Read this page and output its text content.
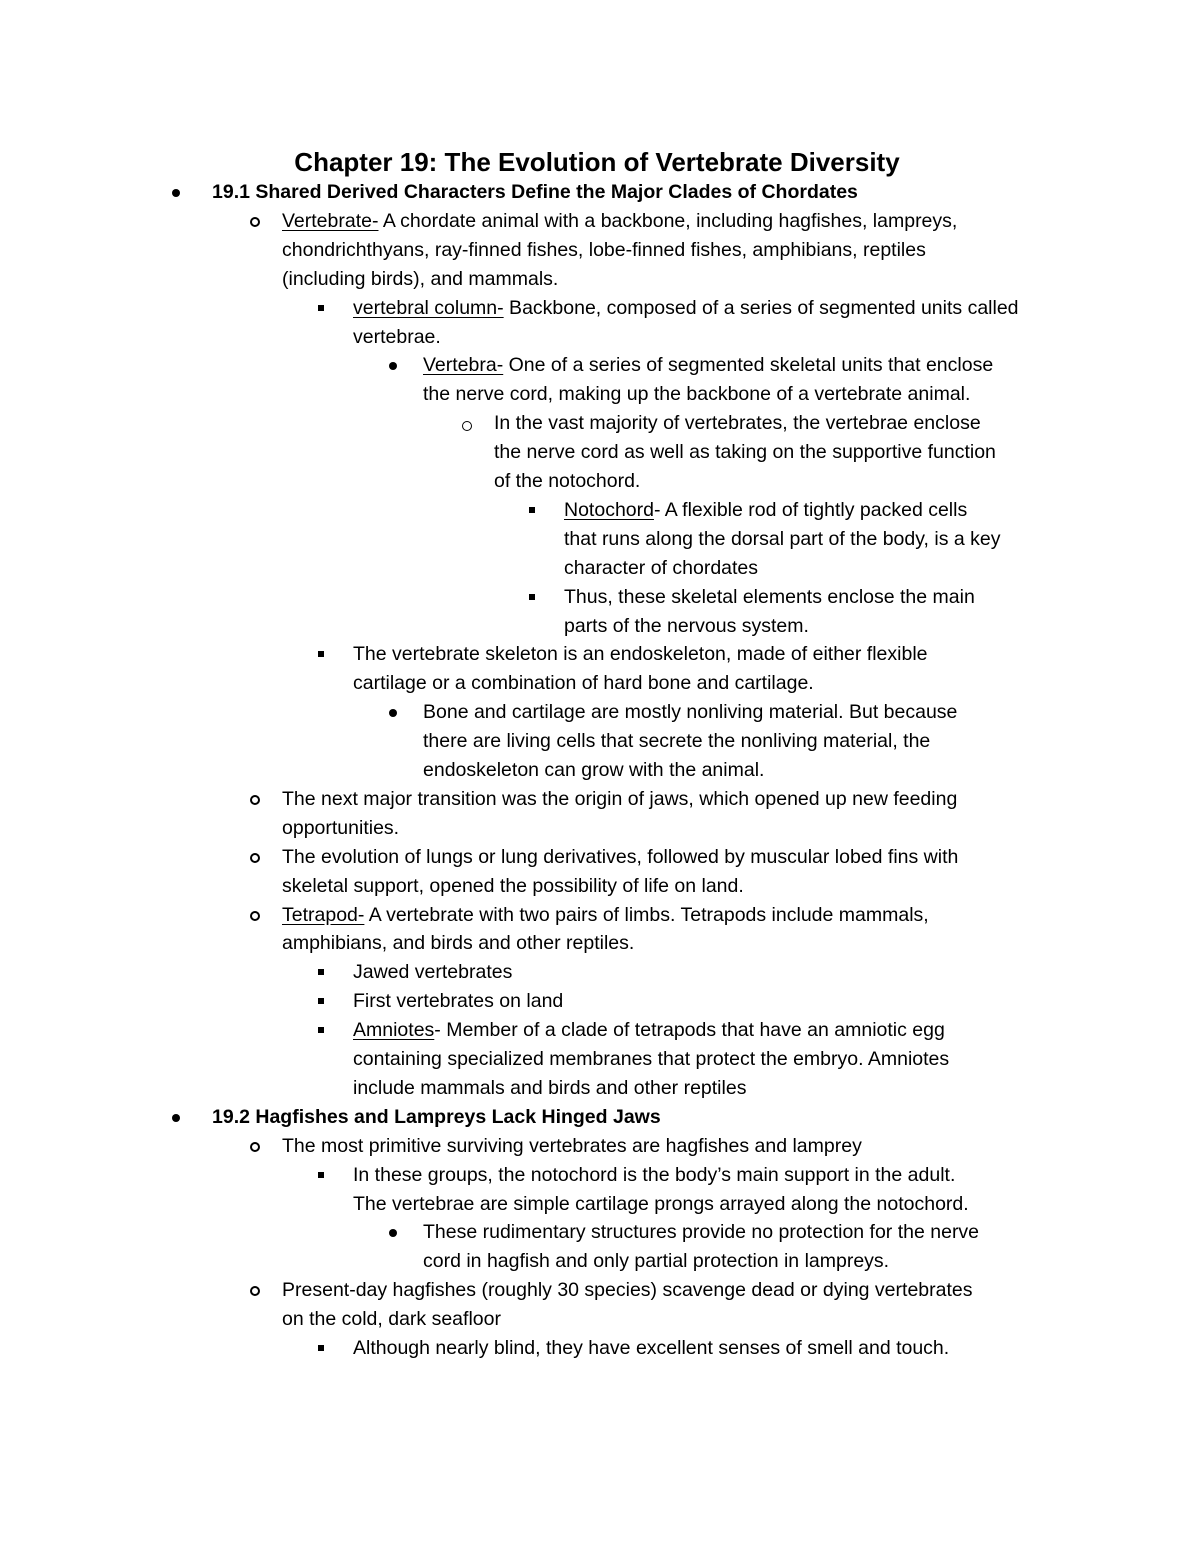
Chapter 19: The Evolution of Vertebrate Diversity
19.1 Shared Derived Characters Define the Major Clades of Chordates
Vertebrate- A chordate animal with a backbone, including hagfishes, lampreys,
chondrichthyans, ray-finned fishes, lobe-finned fishes, amphibians, reptiles
(including birds), and mammals.
vertebral column- Backbone, composed of a series of segmented units called
vertebrae.
Vertebra- One of a series of segmented skeletal units that enclose
the nerve cord, making up the backbone of a vertebrate animal.
In the vast majority of vertebrates, the vertebrae enclose
the nerve cord as well as taking on the supportive function
of the notochord.
Notochord- A flexible rod of tightly packed cells
that runs along the dorsal part of the body, is a key
character of chordates
Thus, these skeletal elements enclose the main
parts of the nervous system.
The vertebrate skeleton is an endoskeleton, made of either flexible
cartilage or a combination of hard bone and cartilage.
Bone and cartilage are mostly nonliving material. But because
there are living cells that secrete the nonliving material, the
endoskeleton can grow with the animal.
The next major transition was the origin of jaws, which opened up new feeding
opportunities.
The evolution of lungs or lung derivatives, followed by muscular lobed fins with
skeletal support, opened the possibility of life on land.
Tetrapod- A vertebrate with two pairs of limbs. Tetrapods include mammals,
amphibians, and birds and other reptiles.
Jawed vertebrates
First vertebrates on land
Amniotes- Member of a clade of tetrapods that have an amniotic egg
containing specialized membranes that protect the embryo. Amniotes
include mammals and birds and other reptiles
19.2 Hagfishes and Lampreys Lack Hinged Jaws
The most primitive surviving vertebrates are hagfishes and lamprey
In these groups, the notochord is the body’s main support in the adult.
The vertebrae are simple cartilage prongs arrayed along the notochord.
These rudimentary structures provide no protection for the nerve
cord in hagfish and only partial protection in lampreys.
Present-day hagfishes (roughly 30 species) scavenge dead or dying vertebrates
on the cold, dark seafloor
Although nearly blind, they have excellent senses of smell and touch.
